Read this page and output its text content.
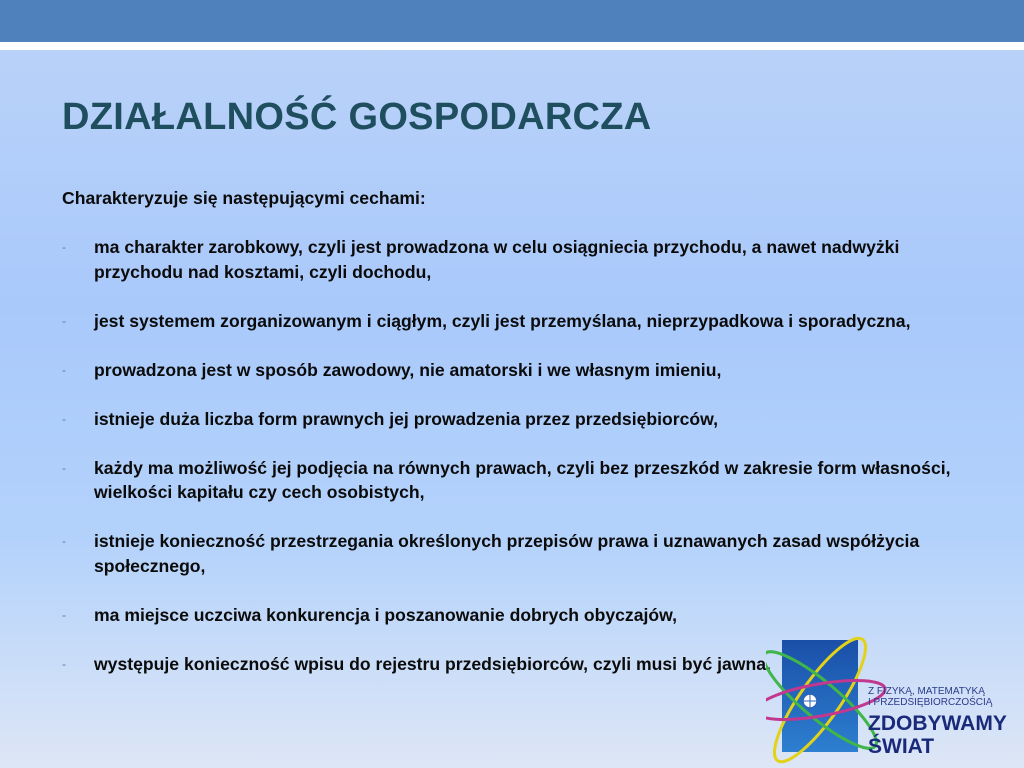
DZIAŁALNOŚĆ GOSPODARCZA

Charakteryzuje się następującymi cechami:

- ma charakter zarobkowy, czyli jest prowadzona w celu osiągniecia przychodu, a nawet nadwyżki przychodu nad kosztami, czyli dochodu,
- jest systemem zorganizowanym i ciągłym, czyli jest przemyślana, nieprzypadkowa i sporadyczna,
- prowadzona jest w sposób zawodowy, nie amatorski i we własnym imieniu,
- istnieje duża liczba form prawnych jej prowadzenia przez przedsiębiorców,
- każdy ma możliwość jej podjęcia na równych prawach, czyli bez przeszkód w zakresie form własności, wielkości kapitału czy cech osobistych,
- istnieje konieczność przestrzegania określonych przepisów prawa i uznawanych zasad współżycia społecznego,
- ma miejsce uczciwa konkurencja i poszanowanie dobrych obyczajów,
- występuje konieczność wpisu do rejestru przedsiębiorców, czyli musi być jawna.
Z FIZYKĄ, MATEMATYKĄ
I PRZEDSIĘBIORCZOŚCIĄ
ZDOBYWAMY
ŚWIAT
